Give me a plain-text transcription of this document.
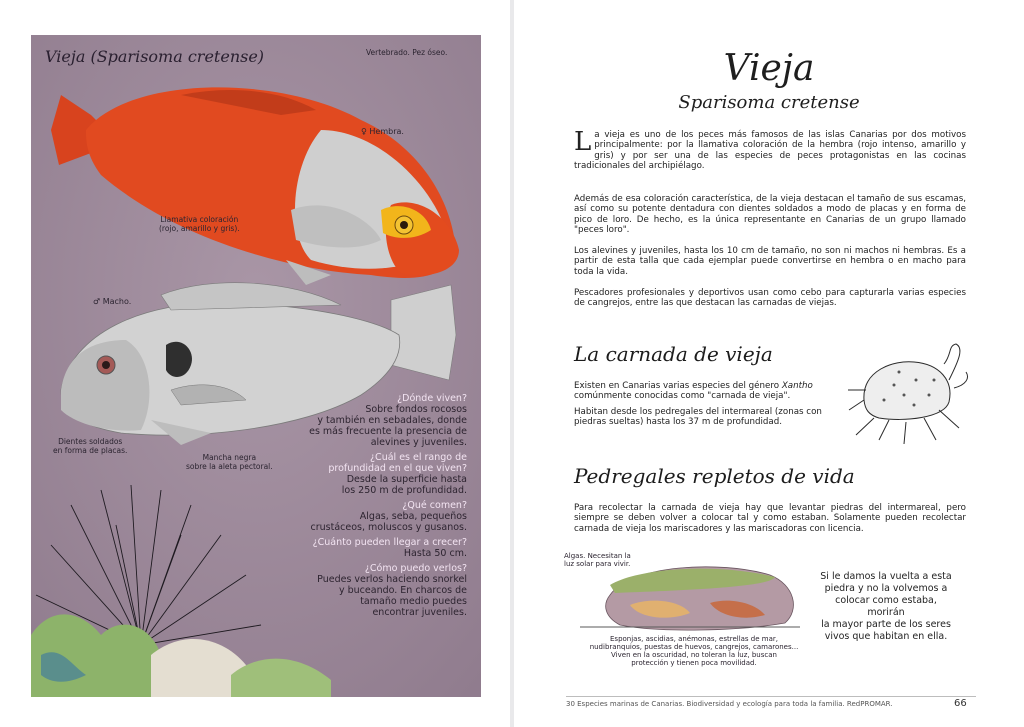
Vieja (Sparisoma cretense)	Vertebrado. Pez óseo.
♀ Hembra.
Llamativa coloración
(rojo, amarillo y gris).
♂ Macho.
Dientes soldados
en forma de placas.
Mancha negra
sobre la aleta pectoral.
¿Dónde viven?
Sobre fondos rocosos
y también en sebadales, donde
es más frecuente la presencia de
alevines y juveniles.
¿Cuál es el rango de
profundidad en el que viven?
Desde la superficie hasta
los 250 m de profundidad.
¿Qué comen?
Algas, seba, pequeños
crustáceos, moluscos y gusanos.
¿Cuánto pueden llegar a crecer?
Hasta 50 cm.
¿Cómo puedo verlos?
Puedes verlos haciendo snorkel
y buceando. En charcos de
tamaño medio puedes
encontrar juveniles.
Vieja
Sparisoma cretense
L a vieja es uno de los peces más famosos de las islas Canarias por dos motivos principalmente: por la llamativa coloración de la hembra (rojo intenso, amarillo y gris) y por ser una de las especies de peces protagonistas en las cocinas tradicionales del archipiélago.
Además de esa coloración característica, de la vieja destacan el tamaño de sus escamas, así como su potente dentadura con dientes soldados a modo de placas y en forma de pico de loro. De hecho, es la única representante en Canarias de un grupo llamado "peces loro".
Los alevines y juveniles, hasta los 10 cm de tamaño, no son ni machos ni hembras. Es a partir de esta talla que cada ejemplar puede convertirse en hembra o en macho para toda la vida.
Pescadores profesionales y deportivos usan como cebo para capturarla varias especies de cangrejos, entre las que destacan las carnadas de viejas.
La carnada de vieja
Existen en Canarias varias especies del género Xantho comúnmente conocidas como "carnada de vieja".
Habitan desde los pedregales del intermareal (zonas con piedras sueltas) hasta los 37 m de profundidad.
Pedregales repletos de vida
Para recolectar la carnada de vieja hay que levantar piedras del intermareal, pero siempre se deben volver a colocar tal y como estaban. Solamente pueden recolectar carnada de vieja los mariscadores y las mariscadoras con licencia.
Algas. Necesitan la
luz solar para vivir.
Esponjas, ascidias, anémonas, estrellas de mar,
nudibranquios, puestas de huevos, cangrejos, camarones...
Viven en la oscuridad, no toleran la luz, buscan
protección y tienen poca movilidad.
Si le damos la vuelta a esta
piedra y no la volvemos a
colocar como estaba, morirán
la mayor parte de los seres
vivos que habitan en ella.
30 Especies marinas de Canarias. Biodiversidad y ecología para toda la familia. RedPROMAR.	66
